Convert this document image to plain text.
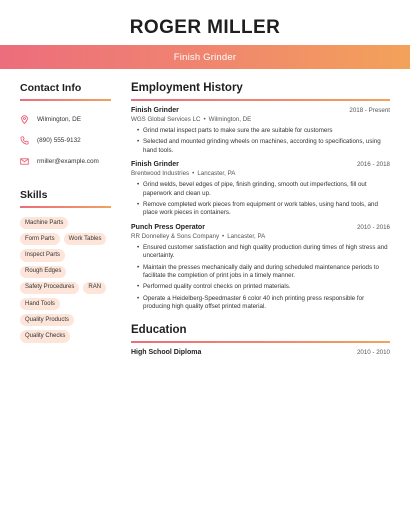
ROGER MILLER
Finish Grinder
Contact Info
Wilmington, DE
(890) 555-9132
rmiller@example.com
Skills
Machine Parts
Form Parts	Work Tables
Inspect Parts
Rough Edges
Safety Procedures	RAN
Hand Tools
Quality Products
Quality Checks
Employment History
Finish Grinder	2018 - Present
WGS Global Services LC • Wilmington, DE
• Grind metal inspect parts to make sure the are suitable for customers
• Selected and mounted grinding wheels on machines, according to specifications, using hand tools.
Finish Grinder	2016 - 2018
Brentwood Industries • Lancaster, PA
• Grind welds, bevel edges of pipe, finish grinding, smooth out imperfections, fill out paperwork and clean up.
• Remove completed work pieces from equipment or work tables, using hand tools, and place work pieces in containers.
Punch Press Operator	2010 - 2016
RR Donnelley & Sons Company • Lancaster, PA
• Ensured customer satisfaction and high quality production during times of high stress and uncertainty.
• Maintain the presses mechanically daily and during scheduled maintenance periods to facilitate the completion of print jobs in a timely manner.
• Performed quality control checks on printed materials.
• Operate a Heidelberg-Speedmaster 6 color 40 inch printing press responsible for producing high quality offset printed material.
Education
High School Diploma	2010 - 2010
